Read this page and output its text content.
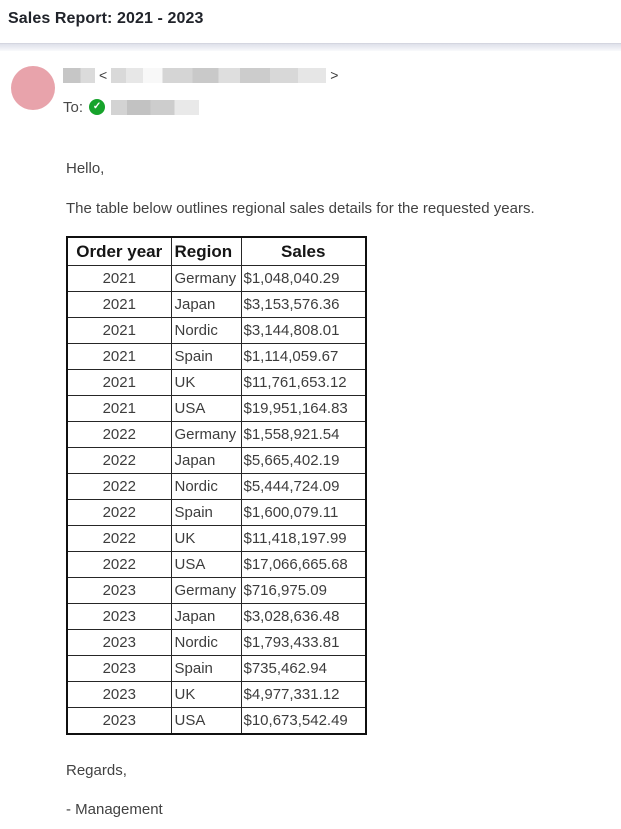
Sales Report: 2021 - 2023
<	>
To: ✓
Hello,
The table below outlines regional sales details for the requested years.
Order year	Region	Sales
2021	Germany	$1,048,040.29
2021	Japan	$3,153,576.36
2021	Nordic	$3,144,808.01
2021	Spain	$1,114,059.67
2021	UK	$11,761,653.12
2021	USA	$19,951,164.83
2022	Germany	$1,558,921.54
2022	Japan	$5,665,402.19
2022	Nordic	$5,444,724.09
2022	Spain	$1,600,079.11
2022	UK	$11,418,197.99
2022	USA	$17,066,665.68
2023	Germany	$716,975.09
2023	Japan	$3,028,636.48
2023	Nordic	$1,793,433.81
2023	Spain	$735,462.94
2023	UK	$4,977,331.12
2023	USA	$10,673,542.49
Regards,
- Management
